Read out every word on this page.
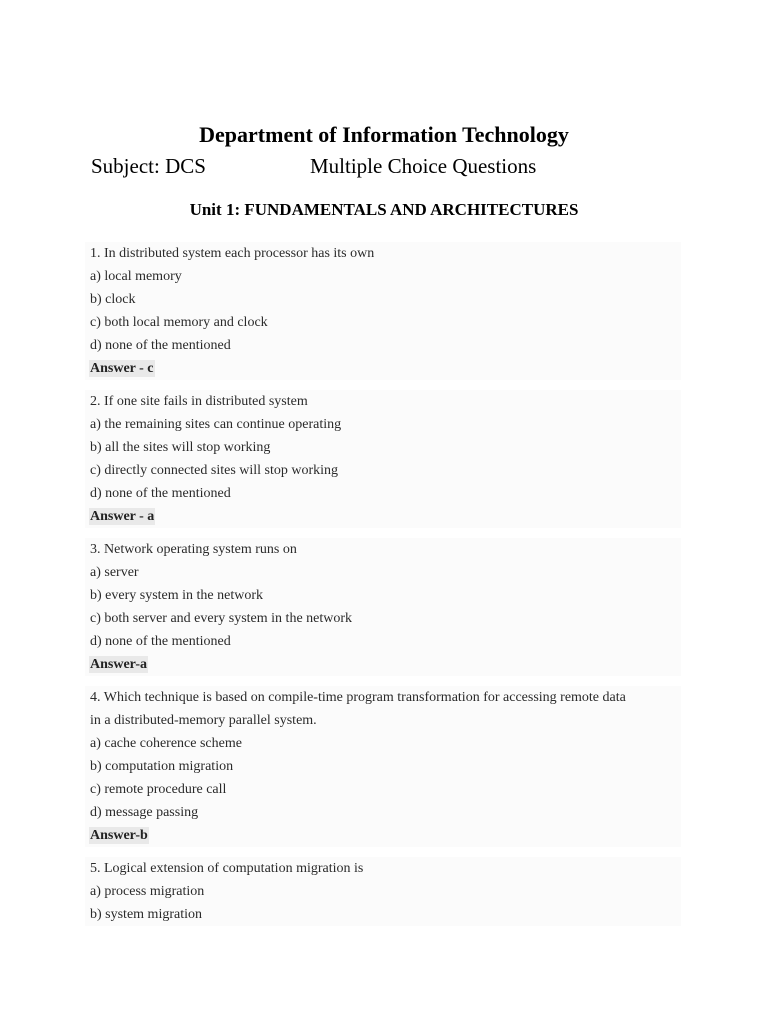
Department of Information Technology
Subject: DCS	Multiple Choice Questions
Unit 1: FUNDAMENTALS AND ARCHITECTURES
1. In distributed system each processor has its own
a) local memory
b) clock
c) both local memory and clock
d) none of the mentioned
Answer - c
2. If one site fails in distributed system
a) the remaining sites can continue operating
b) all the sites will stop working
c) directly connected sites will stop working
d) none of the mentioned
Answer - a
3. Network operating system runs on
a) server
b) every system in the network
c) both server and every system in the network
d) none of the mentioned
Answer-a
4. Which technique is based on compile-time program transformation for accessing remote data
in a distributed-memory parallel system.
a) cache coherence scheme
b) computation migration
c) remote procedure call
d) message passing
Answer-b
5. Logical extension of computation migration is
a) process migration
b) system migration
